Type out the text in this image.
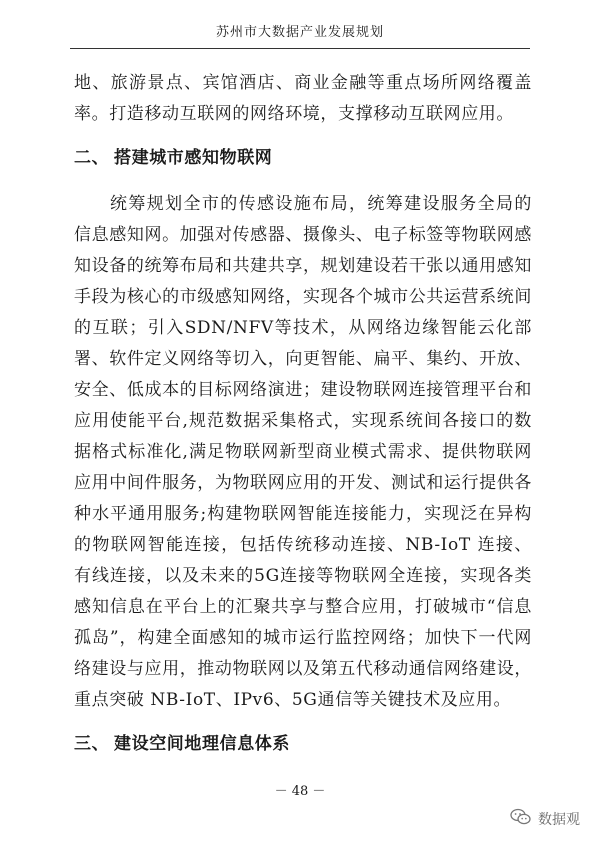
苏州市大数据产业发展规划

地、旅游景点、宾馆酒店、商业金融等重点场所网络覆盖率。打造移动互联网的网络环境，支撑移动互联网应用。

二、 搭建城市感知物联网

统筹规划全市的传感设施布局，统筹建设服务全局的信息感知网。加强对传感器、摄像头、电子标签等物联网感知设备的统筹布局和共建共享，规划建设若干张以通用感知手段为核心的市级感知网络，实现各个城市公共运营系统间的互联；引入SDN/NFV等技术，从网络边缘智能云化部署、软件定义网络等切入，向更智能、扁平、集约、开放、安全、低成本的目标网络演进；建设物联网连接管理平台和应用使能平台,规范数据采集格式，实现系统间各接口的数据格式标准化,满足物联网新型商业模式需求、提供物联网应用中间件服务，为物联网应用的开发、测试和运行提供各种水平通用服务;构建物联网智能连接能力，实现泛在异构的物联网智能连接，包括传统移动连接、NB-IoT 连接、有线连接，以及未来的5G连接等物联网全连接，实现各类感知信息在平台上的汇聚共享与整合应用，打破城市“信息孤岛”，构建全面感知的城市运行监控网络；加快下一代网络建设与应用，推动物联网以及第五代移动通信网络建设，重点突破 NB-IoT、IPv6、5G通信等关键技术及应用。

三、 建设空间地理信息体系
－ 48 －
数据观
